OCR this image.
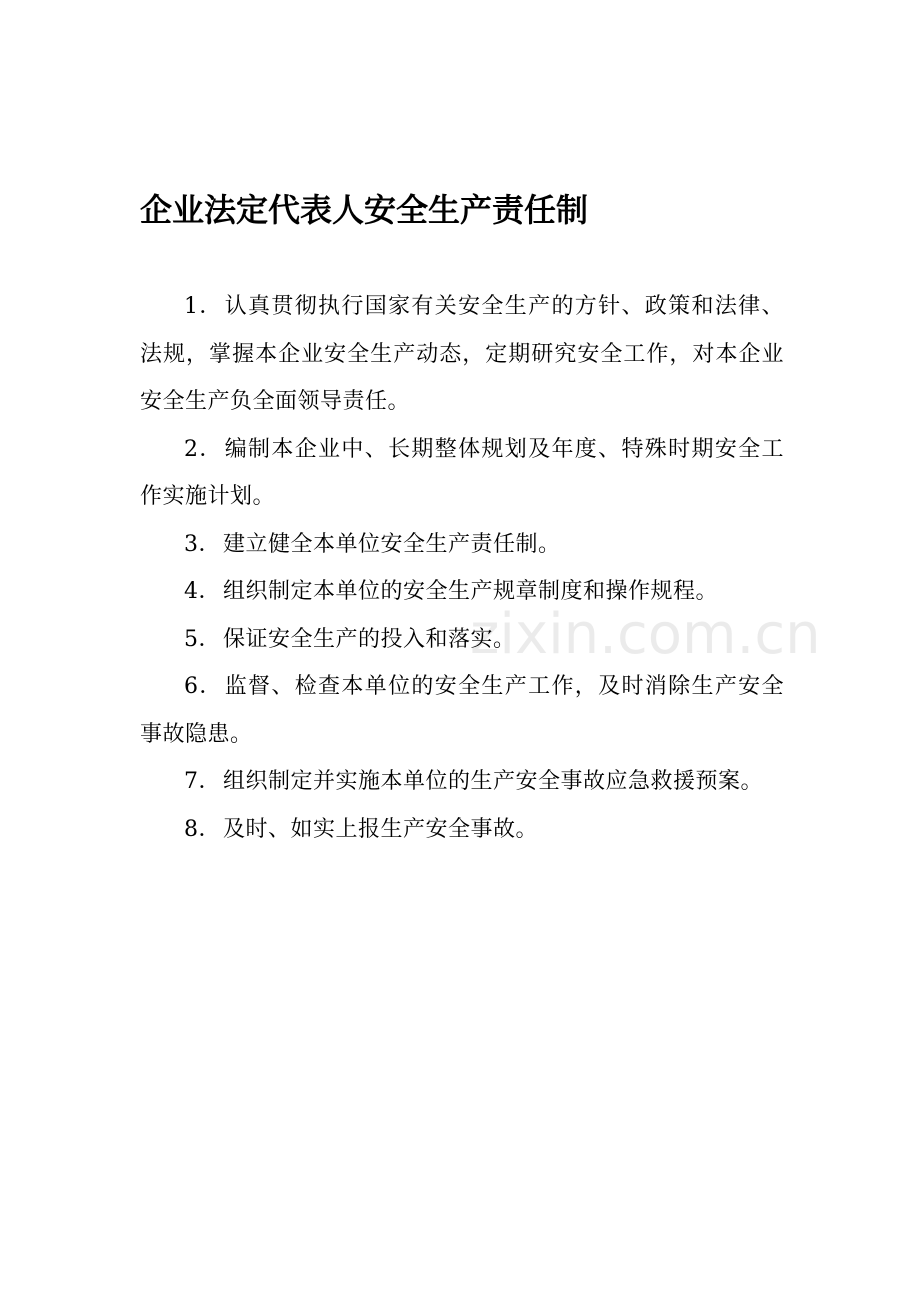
企业法定代表人安全生产责任制
1．认真贯彻执行国家有关安全生产的方针、政策和法律、法规，掌握本企业安全生产动态，定期研究安全工作，对本企业安全生产负全面领导责任。
2．编制本企业中、长期整体规划及年度、特殊时期安全工作实施计划。
3．建立健全本单位安全生产责任制。
4．组织制定本单位的安全生产规章制度和操作规程。
5．保证安全生产的投入和落实。
6．监督、检查本单位的安全生产工作，及时消除生产安全事故隐患。
7．组织制定并实施本单位的生产安全事故应急救援预案。
8．及时、如实上报生产安全事故。
zixin.com.cn
